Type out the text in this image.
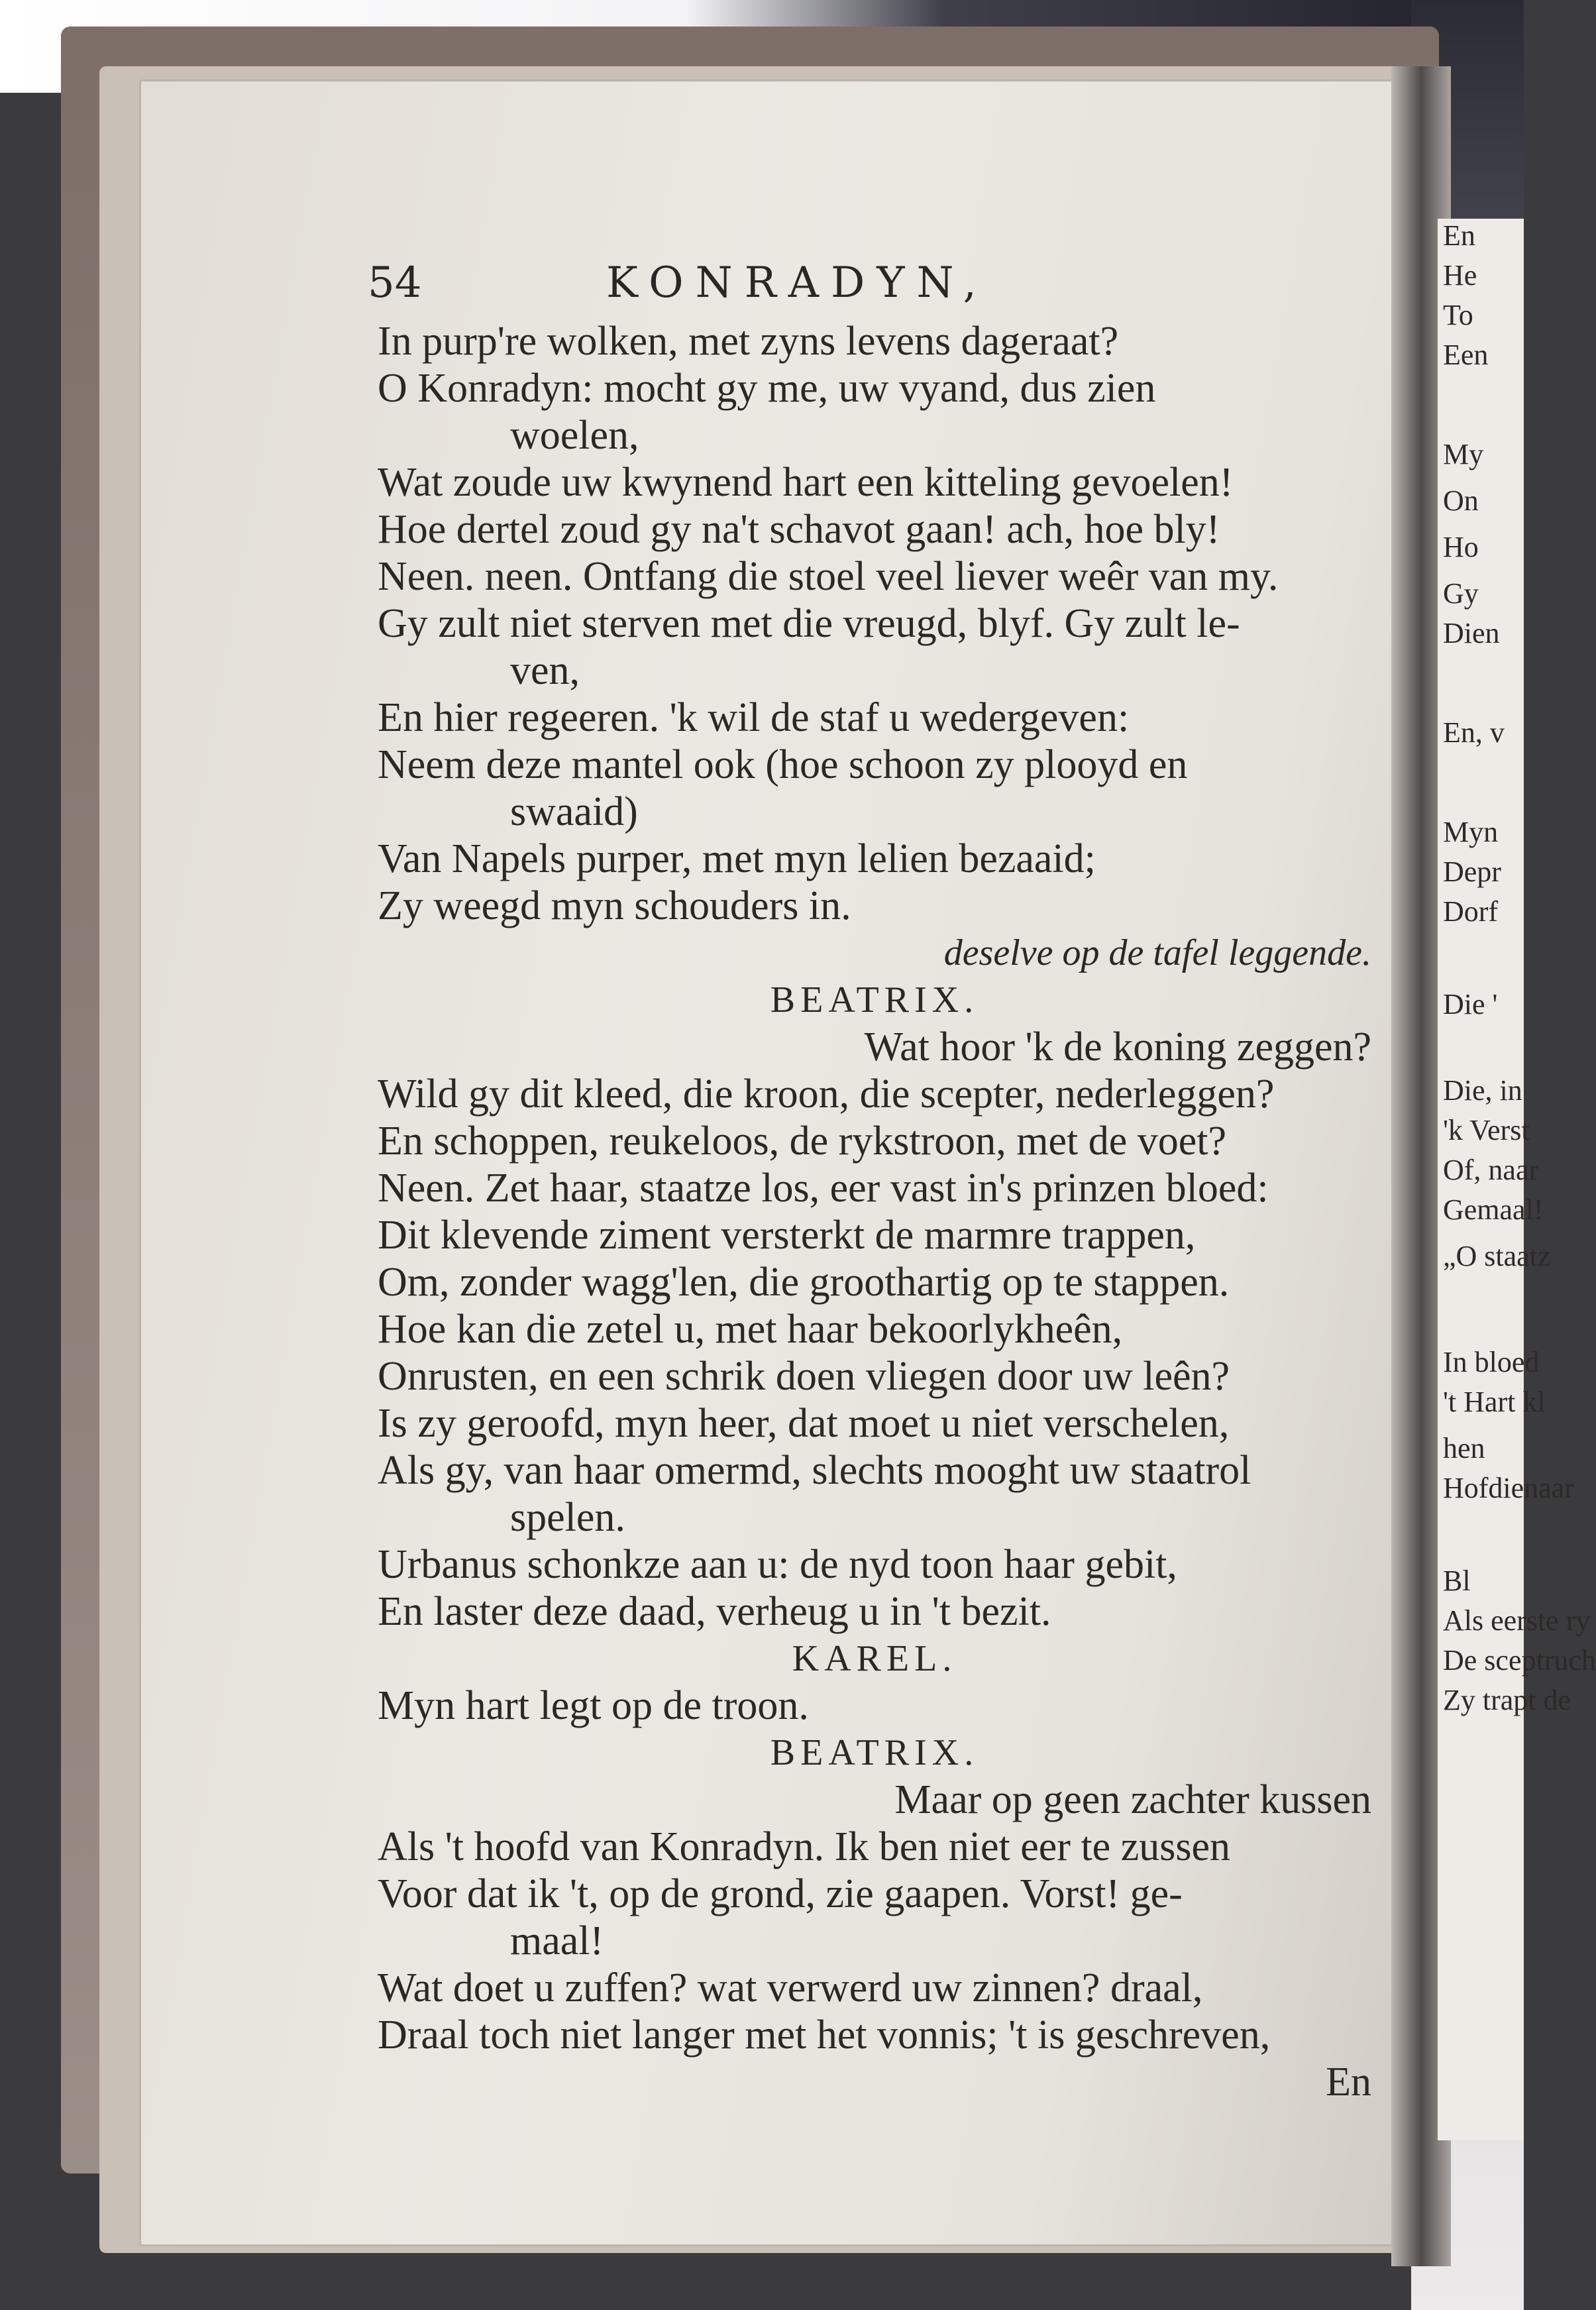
En
He
To
Een
My
On
Ho
Gy
Dien
En, v
Myn
Depr
Dorf
Die '
Die, in
'k Verst
Of, naar
Gemaal!
„O staatz
In bloed
't Hart kl
hen
Hofdienaar
Bl
Als eerste ry
De sceptruch
Zy trapt de
54	KONRADYN,
In purp're wolken, met zyns levens dageraat?
O Konradyn: mocht gy me, uw vyand, dus zien
woelen,
Wat zoude uw kwynend hart een kitteling gevoelen!
Hoe dertel zoud gy na't schavot gaan! ach, hoe bly!
Neen. neen. Ontfang die stoel veel liever weêr van my.
Gy zult niet sterven met die vreugd, blyf. Gy zult le-
ven,
En hier regeeren. 'k wil de staf u wedergeven:
Neem deze mantel ook (hoe schoon zy plooyd en
swaaid)
Van Napels purper, met myn lelien bezaaid;
Zy weegd myn schouders in.
deselve op de tafel leggende.
BEATRIX.
Wat hoor 'k de koning zeggen?
Wild gy dit kleed, die kroon, die scepter, nederleggen?
En schoppen, reukeloos, de rykstroon, met de voet?
Neen. Zet haar, staatze los, eer vast in's prinzen bloed:
Dit klevende ziment versterkt de marmre trappen,
Om, zonder wagg'len, die groothartig op te stappen.
Hoe kan die zetel u, met haar bekoorlykheên,
Onrusten, en een schrik doen vliegen door uw leên?
Is zy geroofd, myn heer, dat moet u niet verschelen,
Als gy, van haar omermd, slechts mooght uw staatrol
spelen.
Urbanus schonkze aan u: de nyd toon haar gebit,
En laster deze daad, verheug u in 't bezit.
KAREL.
Myn hart legt op de troon.
BEATRIX.
Maar op geen zachter kussen
Als 't hoofd van Konradyn. Ik ben niet eer te zussen
Voor dat ik 't, op de grond, zie gaapen. Vorst! ge-
maal!
Wat doet u zuffen? wat verwerd uw zinnen? draal,
Draal toch niet langer met het vonnis; 't is geschreven,
En
